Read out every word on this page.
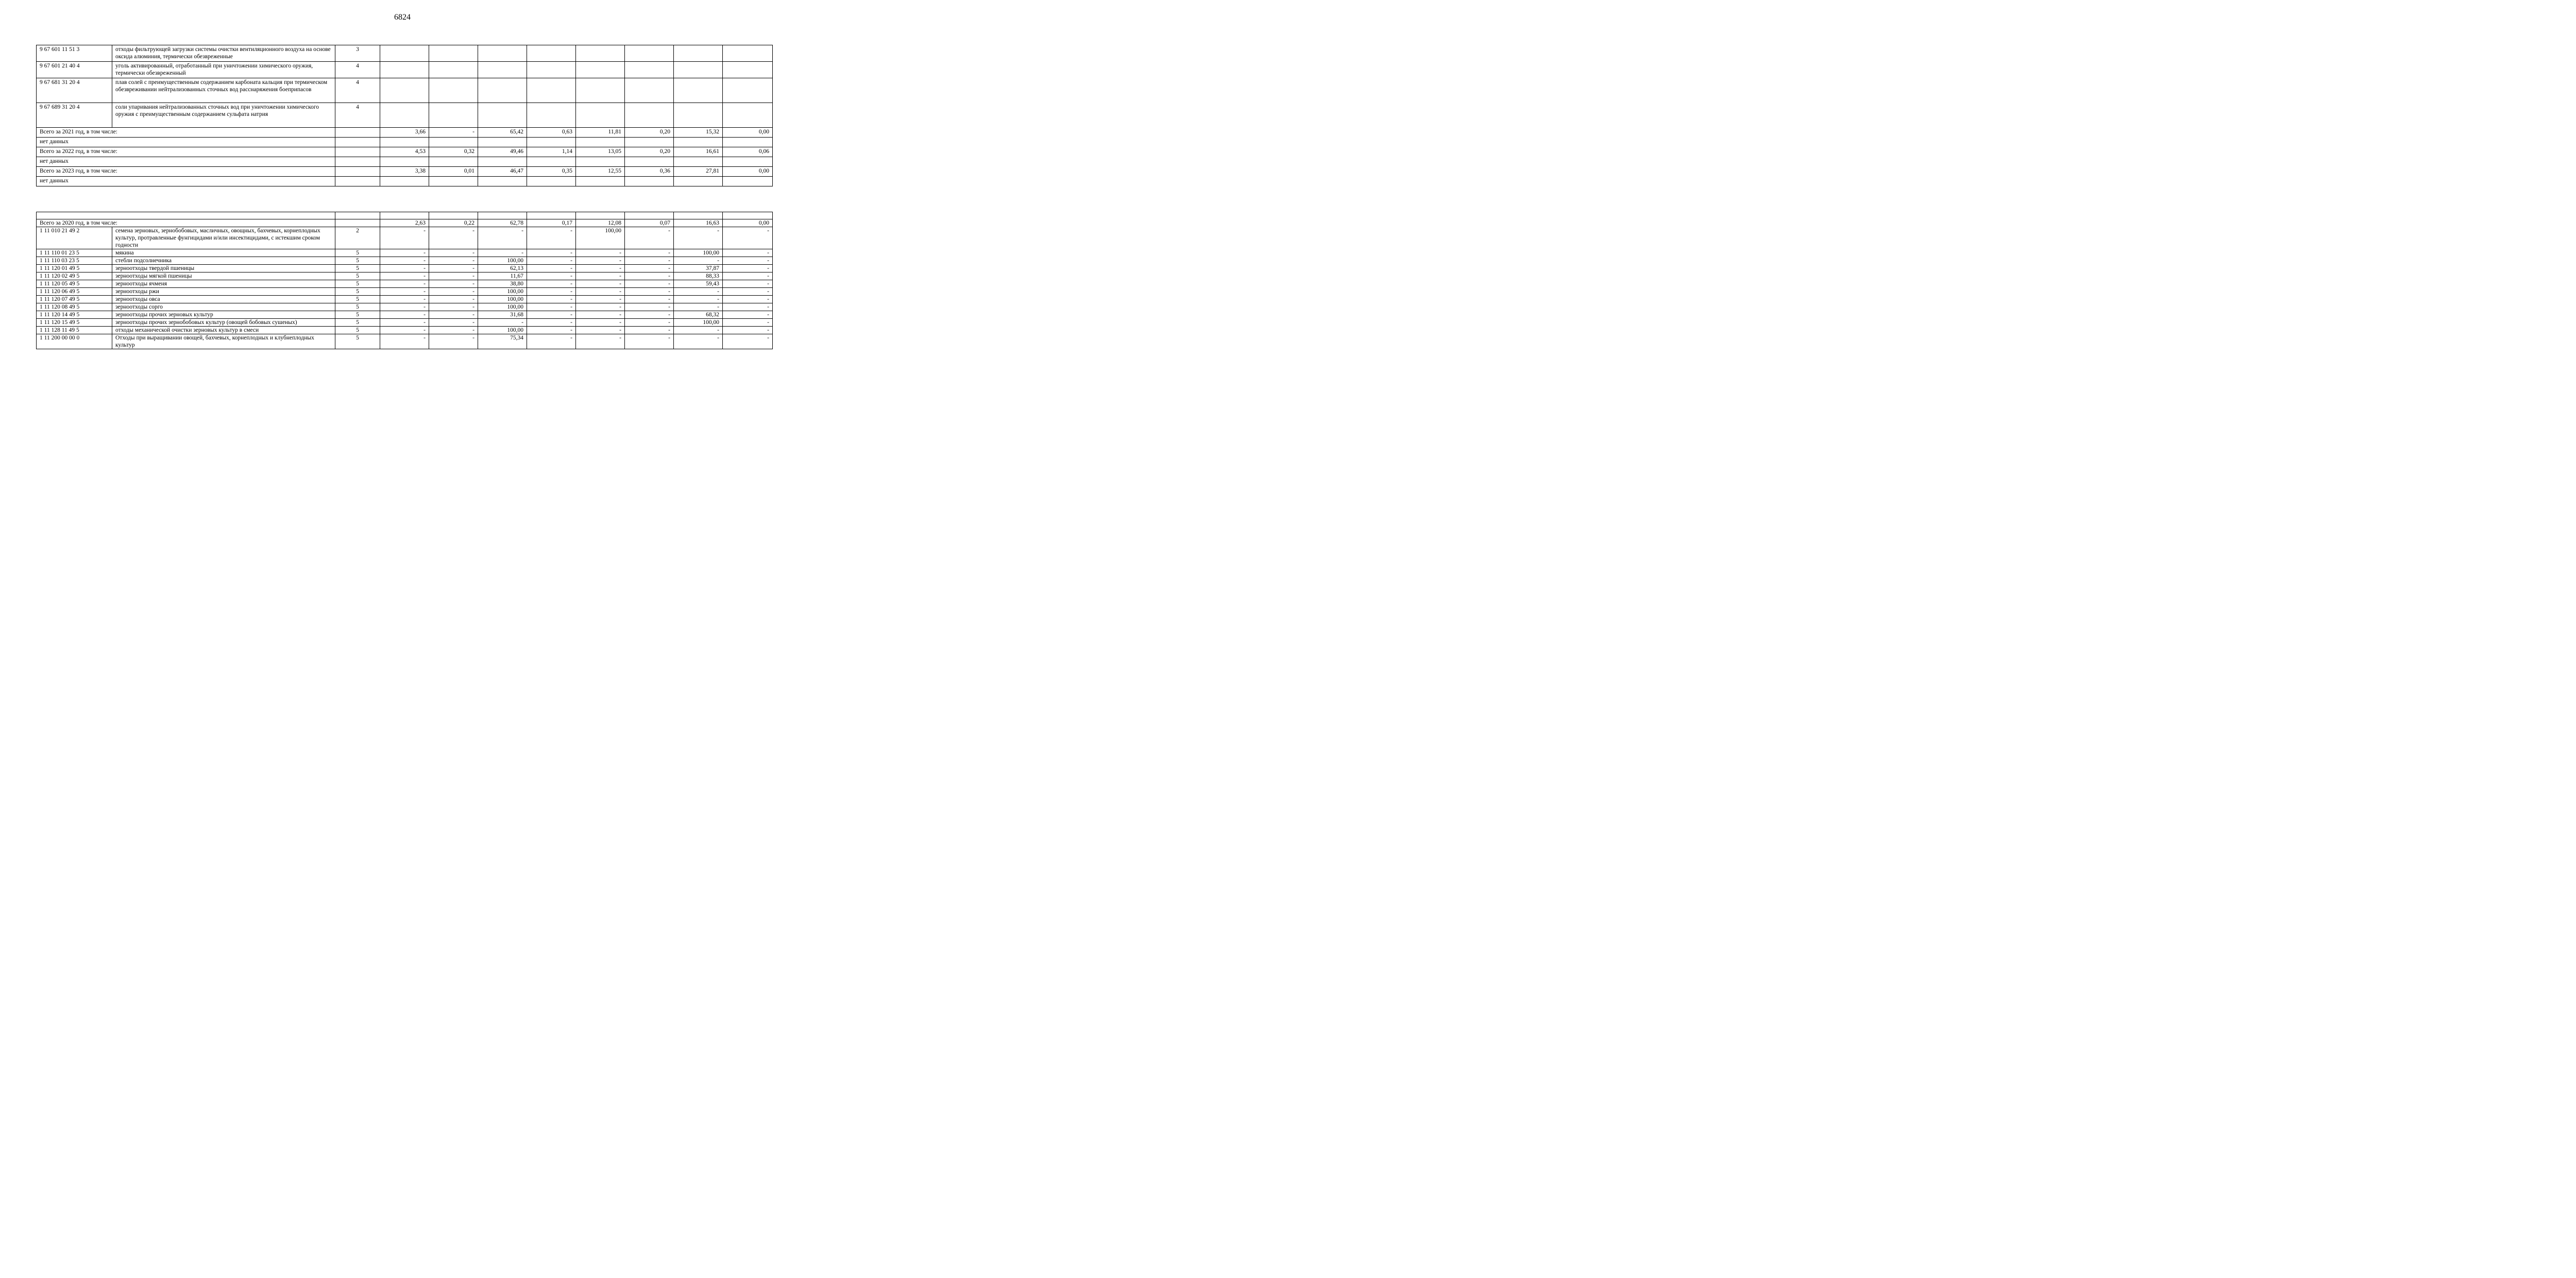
6824
9 67 601 11 51 3	отходы фильтрующей загрузки системы очистки вентиляционного воздуха на основе оксида алюминия, термически обезвреженные	3								
9 67 601 21 40 4	уголь активированный, отработанный при уничтожении химического оружия, термически обезвреженный	4								
9 67 681 31 20 4	плав солей с преимущественным содержанием карбоната кальция при термическом обезвреживании нейтрализованных сточных вод расснаряжения боеприпасов	4								
9 67 689 31 20 4	соли упаривания нейтрализованных сточных вод при уничтожении химического оружия с преимущественным содержанием сульфата натрия	4								
Всего за 2021 год, в том числе:			3,66	-	65,42	0,63	11,81	0,20	15,32	0,00
нет данных										
Всего за 2022 год, в том числе:			4,53	0,32	49,46	1,14	13,05	0,20	16,61	0,06
нет данных										
Всего за 2023 год, в том числе:			3,38	0,01	46,47	0,35	12,55	0,36	27,81	0,00
нет данных										

Всего за 2020 год, в том числе:			2,63	0,22	62,78	0,17	12,08	0,07	16,63	0,00
1 11 010 21 49 2	семена зерновых, зернобобовых, масличных, овощных, бахчевых, корнеплодных культур, протравленные фунгицидами и/или инсектицидами, с истекшим сроком годности	2	-	-	-	-	100,00	-	-	-
1 11 110 01 23 5	мякина	5	-	-	-	-	-	-	100,00	-
1 11 110 03 23 5	стебли подсолнечника	5	-	-	100,00	-	-	-	-	-
1 11 120 01 49 5	зерноотходы твердой пшеницы	5	-	-	62,13	-	-	-	37,87	-
1 11 120 02 49 5	зерноотходы мягкой пшеницы	5	-	-	11,67	-	-	-	88,33	-
1 11 120 05 49 5	зерноотходы ячменя	5	-	-	38,80	-	-	-	59,43	-
1 11 120 06 49 5	зерноотходы ржи	5	-	-	100,00	-	-	-	-	-
1 11 120 07 49 5	зерноотходы овса	5	-	-	100,00	-	-	-	-	-
1 11 120 08 49 5	зерноотходы сорго	5	-	-	100,00	-	-	-	-	-
1 11 120 14 49 5	зерноотходы прочих зерновых культур	5	-	-	31,68	-	-	-	68,32	-
1 11 120 15 49 5	зерноотходы прочих зернобобовых культур (овощей бобовых сушеных)	5	-	-	-	-	-	-	100,00	-
1 11 128 11 49 5	отходы механической очистки зерновых культур в смеси	5	-	-	100,00	-	-	-	-	-
1 11 200 00 00 0	Отходы при выращивании овощей, бахчевых, корнеплодных и клубнеплодных культур	5	-	-	75,34	-	-	-	-	-
